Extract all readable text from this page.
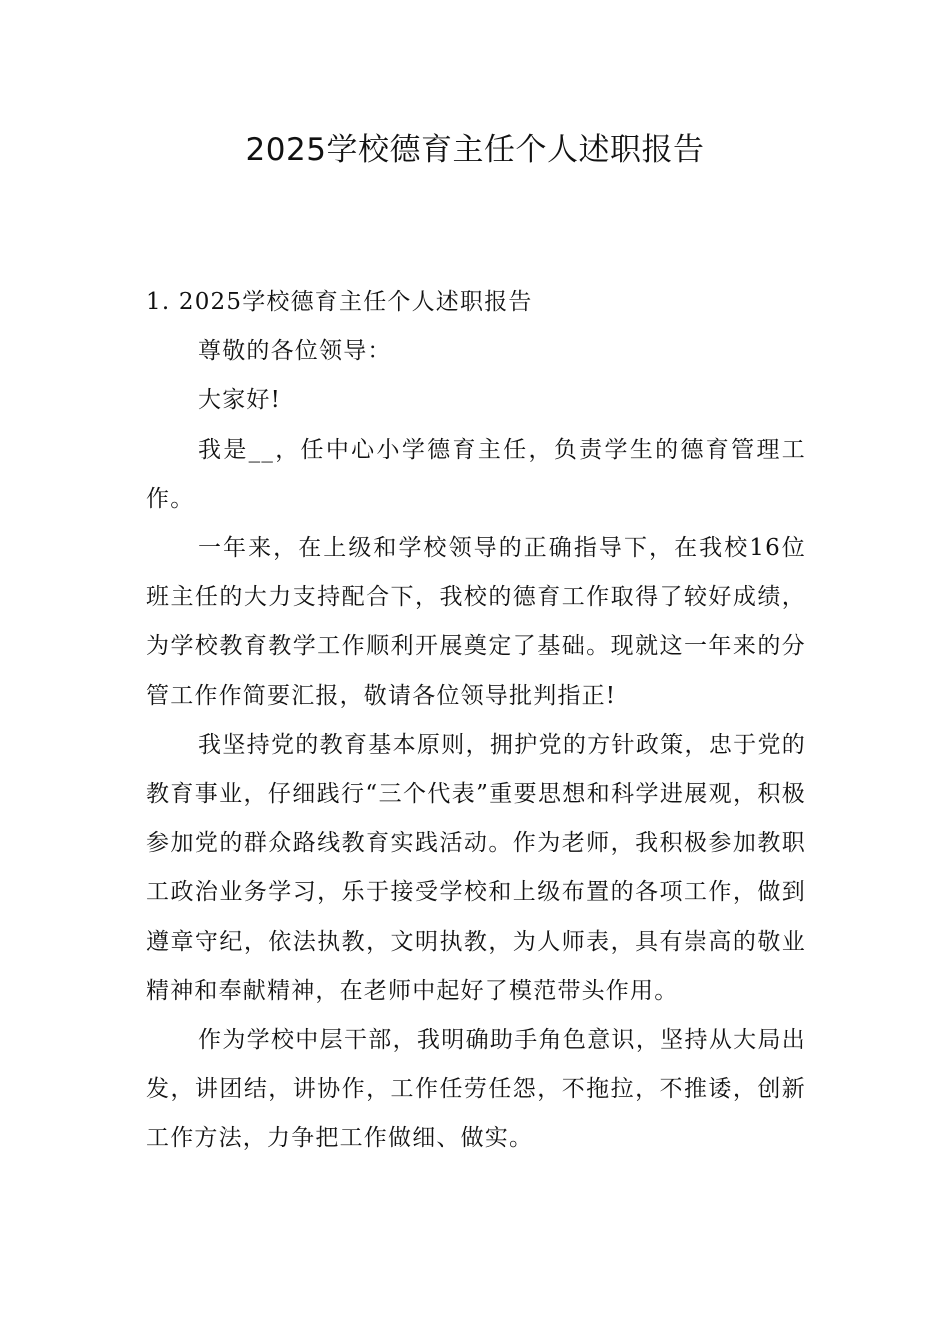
2025学校德育主任个人述职报告

1. 2025学校德育主任个人述职报告

尊敬的各位领导：

大家好!

我是__，任中心小学德育主任，负责学生的德育管理工作。

一年来，在上级和学校领导的正确指导下，在我校16位班主任的大力支持配合下，我校的德育工作取得了较好成绩，为学校教育教学工作顺利开展奠定了基础。现就这一年来的分管工作作简要汇报，敬请各位领导批判指正!

我坚持党的教育基本原则，拥护党的方针政策，忠于党的教育事业，仔细践行“三个代表”重要思想和科学进展观，积极参加党的群众路线教育实践活动。作为老师，我积极参加教职工政治业务学习，乐于接受学校和上级布置的各项工作，做到遵章守纪，依法执教，文明执教，为人师表，具有崇高的敬业精神和奉献精神，在老师中起好了模范带头作用。

作为学校中层干部，我明确助手角色意识，坚持从大局出发，讲团结，讲协作，工作任劳任怨，不拖拉，不推诿，创新工作方法，力争把工作做细、做实。
